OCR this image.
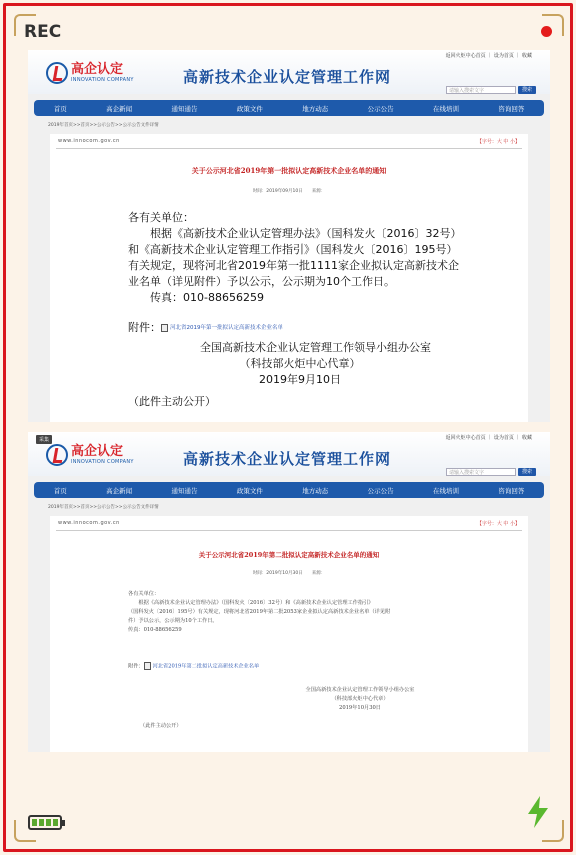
REC
返回火炬中心首页 ｜ 设为首页 ｜ 收藏
高企认定
INNOVATION COMPANY	高新技术企业认定管理工作网
请输入搜索文字	搜索
首页	高企新闻	通知通告	政策文件	地方动态	公示公告	在线培训	咨询回答
2019年首页>>首页>>公示公告>>公示公告文件详情
www.innocom.gov.cn	【字号：大 中 小】
关于公示河北省2019年第一批拟认定高新技术企业名单的通知
时间：2019年09月10日　　来源：
各有关单位：
　　根据《高新技术企业认定管理办法》（国科发火〔2016〕32号）
和《高新技术企业认定管理工作指引》（国科发火〔2016〕195号）
有关规定，现将河北省2019年第一批1111家企业拟认定高新技术企
业名单（详见附件）予以公示，公示期为10个工作日。
　　传真：010-88656259
附件： 河北省2019年第一批拟认定高新技术企业名单
全国高新技术企业认定管理工作领导小组办公室
（科技部火炬中心代章）
2019年9月10日
（此件主动公开）
采集	返回火炬中心首页 ｜ 设为首页 ｜ 收藏
高企认定
INNOVATION COMPANY	高新技术企业认定管理工作网
请输入搜索文字	搜索
首页	高企新闻	通知通告	政策文件	地方动态	公示公告	在线培训	咨询回答
2019年首页>>首页>>公示公告>>公示公告文件详情
www.innocom.gov.cn	【字号：大 中 小】
关于公示河北省2019年第二批拟认定高新技术企业名单的通知
时间：2019年10月30日　　来源：
各有关单位：
　　根据《高新技术企业认定管理办法》（国科发火〔2016〕32号）和《高新技术企业认定管理工作指引》
（国科发火〔2016〕195号）有关规定，现将河北省2019年第二批2053家企业拟认定高新技术企业名单（详见附
件）予以公示，公示期为10个工作日。
传真：010-88656259
附件： 河北省2019年第二批拟认定高新技术企业名单
全国高新技术企业认定管理工作领导小组办公室
（科技部火炬中心代章）
2019年10月30日
（此件主动公开）
